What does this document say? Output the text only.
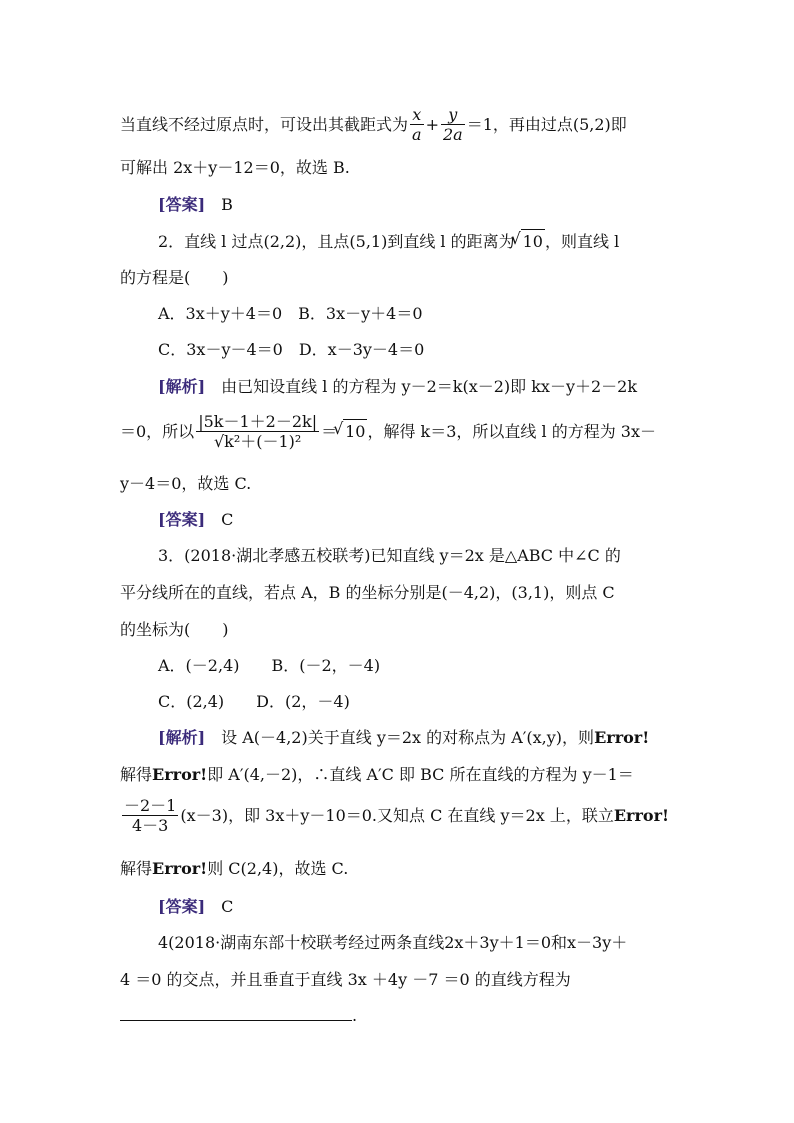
当直线不经过原点时，可设出其截距式为 $\frac{x}{a} + \frac{y}{2a} =1$，再由过点(5,2)即
可解出 2x＋y－12＝0，故选 B.
[答案]　 B
2．直线 l 过点(2,2)，且点(5,1)到直线 l 的距离为 √ 10 ，则直线 l
的方程是(　　)
A．3x＋y＋4＝0　B．3x－y＋4＝0
C．3x－y－4＝0　D．x－3y－4＝0
[解析]　由已知设直线 l 的方程为 y－2＝k(x－2)即 kx－y＋2－2k
＝0，所以 $\frac{|5k-1+2-2k|}{\text{√k²＋(－1)²}}$ ＝ √ 10 ，解得 k＝3，所以直线 l 的方程为 3x－
y－4＝0，故选 C.
[答案]　 C
3．(2018·湖北孝感五校联考)已知直线 y＝2x 是△ABC 中∠C 的
平分线所在的直线，若点 A，B 的坐标分别是(－4,2)，(3,1)，则点 C
的坐标为(　　)
A．(－2,4)　　B．(－2，－4)
C．(2,4)　　D．(2，－4)
[解析]　设 A(－4,2)关于直线 y＝2x 的对称点为 A′(x,y)，则Error!
解得Error!即 A′(4,－2)，∴直线 A′C 即 BC 所在直线的方程为 y－1＝
$\frac{-2-1}{4-3} (x-3)$，即 3x＋y－10＝0.又知点 C 在直线 y＝2x 上，联立Error!
解得Error!则 C(2,4)，故选 C.
[答案]　 C
4(2018·湖南东部十校联考经过两条直线2x＋3y＋1＝0和x－3y＋
4 ＝0 的交点，并且垂直于直线 3x ＋4y －7 ＝0 的直线方程为
.
